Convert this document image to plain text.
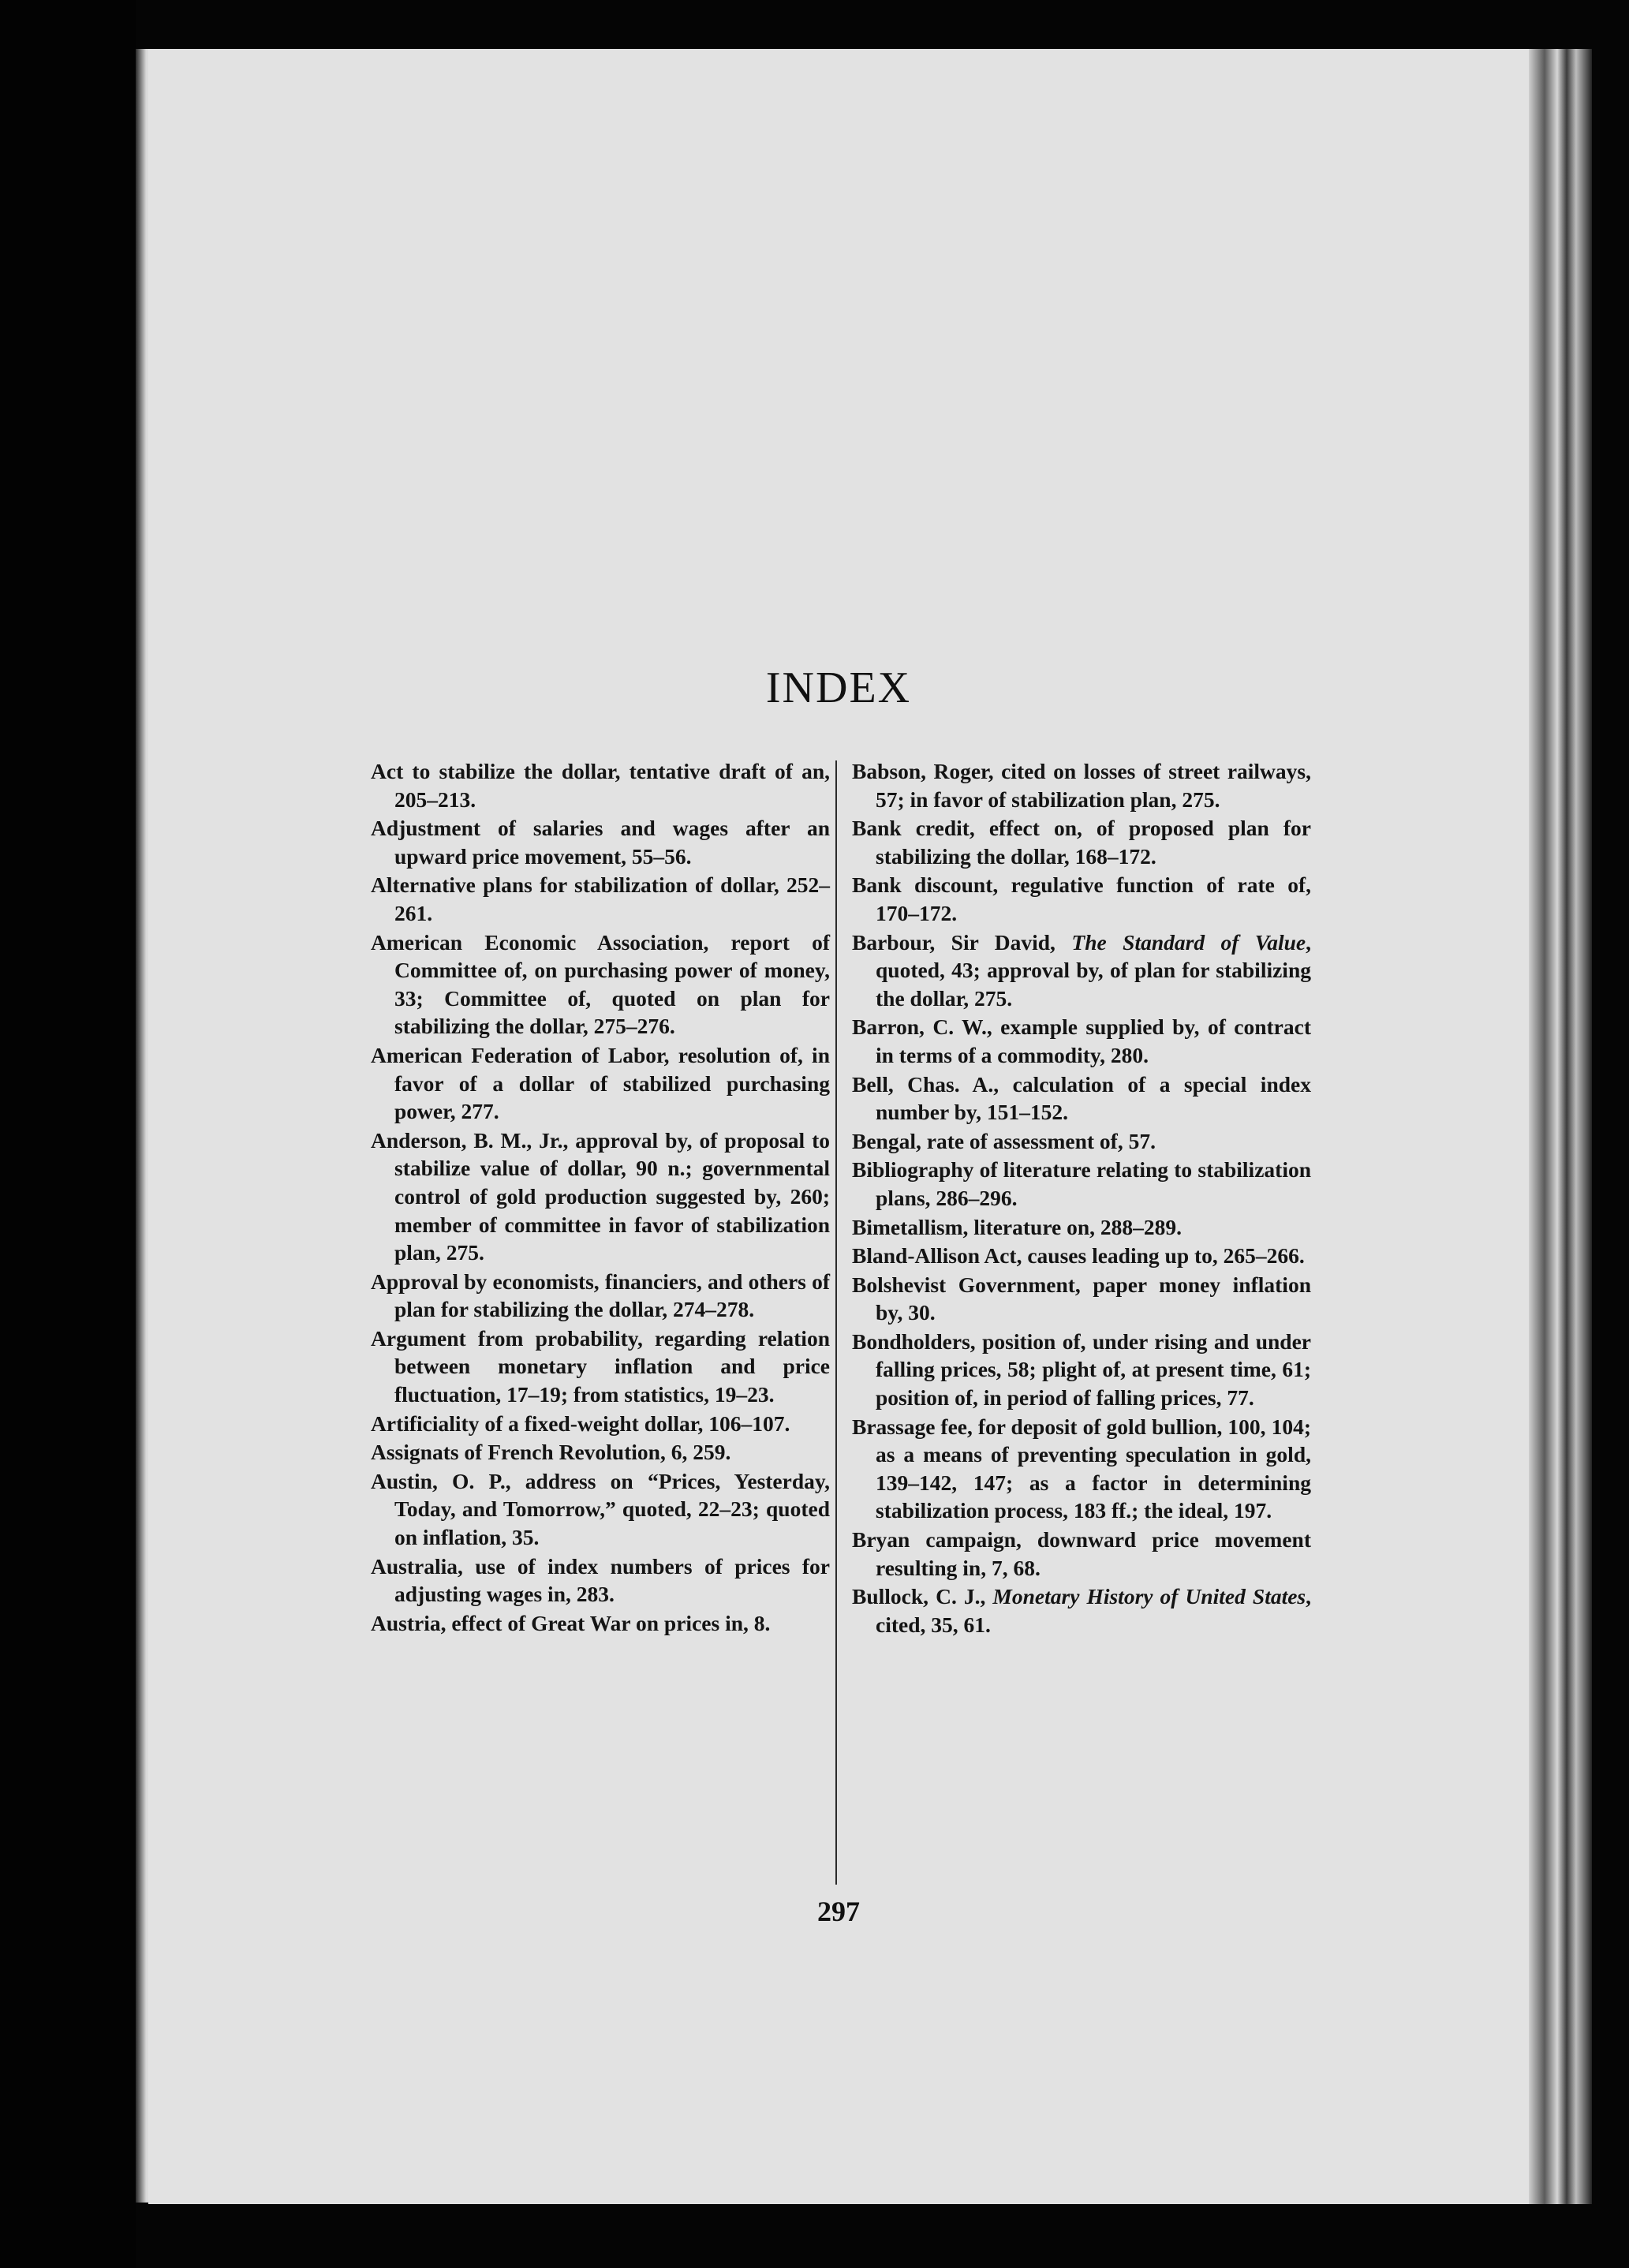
INDEX

Act to stabilize the dollar, tentative draft of an, 205–213.

Adjustment of salaries and wages after an upward price movement, 55–56.

Alternative plans for stabilization of dollar, 252–261.

American Economic Association, report of Committee of, on purchasing power of money, 33; Committee of, quoted on plan for stabilizing the dollar, 275–276.

American Federation of Labor, resolution of, in favor of a dollar of stabilized purchasing power, 277.

Anderson, B. M., Jr., approval by, of proposal to stabilize value of dollar, 90 n.; governmental control of gold production suggested by, 260; member of committee in favor of stabilization plan, 275.

Approval by economists, financiers, and others of plan for stabilizing the dollar, 274–278.

Argument from probability, regarding relation between monetary inflation and price fluctuation, 17–19; from statistics, 19–23.

Artificiality of a fixed-weight dollar, 106–107.

Assignats of French Revolution, 6, 259.

Austin, O. P., address on “Prices, Yesterday, Today, and Tomorrow,” quoted, 22–23; quoted on inflation, 35.

Australia, use of index numbers of prices for adjusting wages in, 283.

Austria, effect of Great War on prices in, 8.

Babson, Roger, cited on losses of street railways, 57; in favor of stabilization plan, 275.

Bank credit, effect on, of proposed plan for stabilizing the dollar, 168–172.

Bank discount, regulative function of rate of, 170–172.

Barbour, Sir David, The Standard of Value, quoted, 43; approval by, of plan for stabilizing the dollar, 275.

Barron, C. W., example supplied by, of contract in terms of a commodity, 280.

Bell, Chas. A., calculation of a special index number by, 151–152.

Bengal, rate of assessment of, 57.

Bibliography of literature relating to stabilization plans, 286–296.

Bimetallism, literature on, 288–289.

Bland-Allison Act, causes leading up to, 265–266.

Bolshevist Government, paper money inflation by, 30.

Bondholders, position of, under rising and under falling prices, 58; plight of, at present time, 61; position of, in period of falling prices, 77.

Brassage fee, for deposit of gold bullion, 100, 104; as a means of preventing speculation in gold, 139–142, 147; as a factor in determining stabilization process, 183 ff.; the ideal, 197.

Bryan campaign, downward price movement resulting in, 7, 68.

Bullock, C. J., Monetary History of United States, cited, 35, 61.

297
